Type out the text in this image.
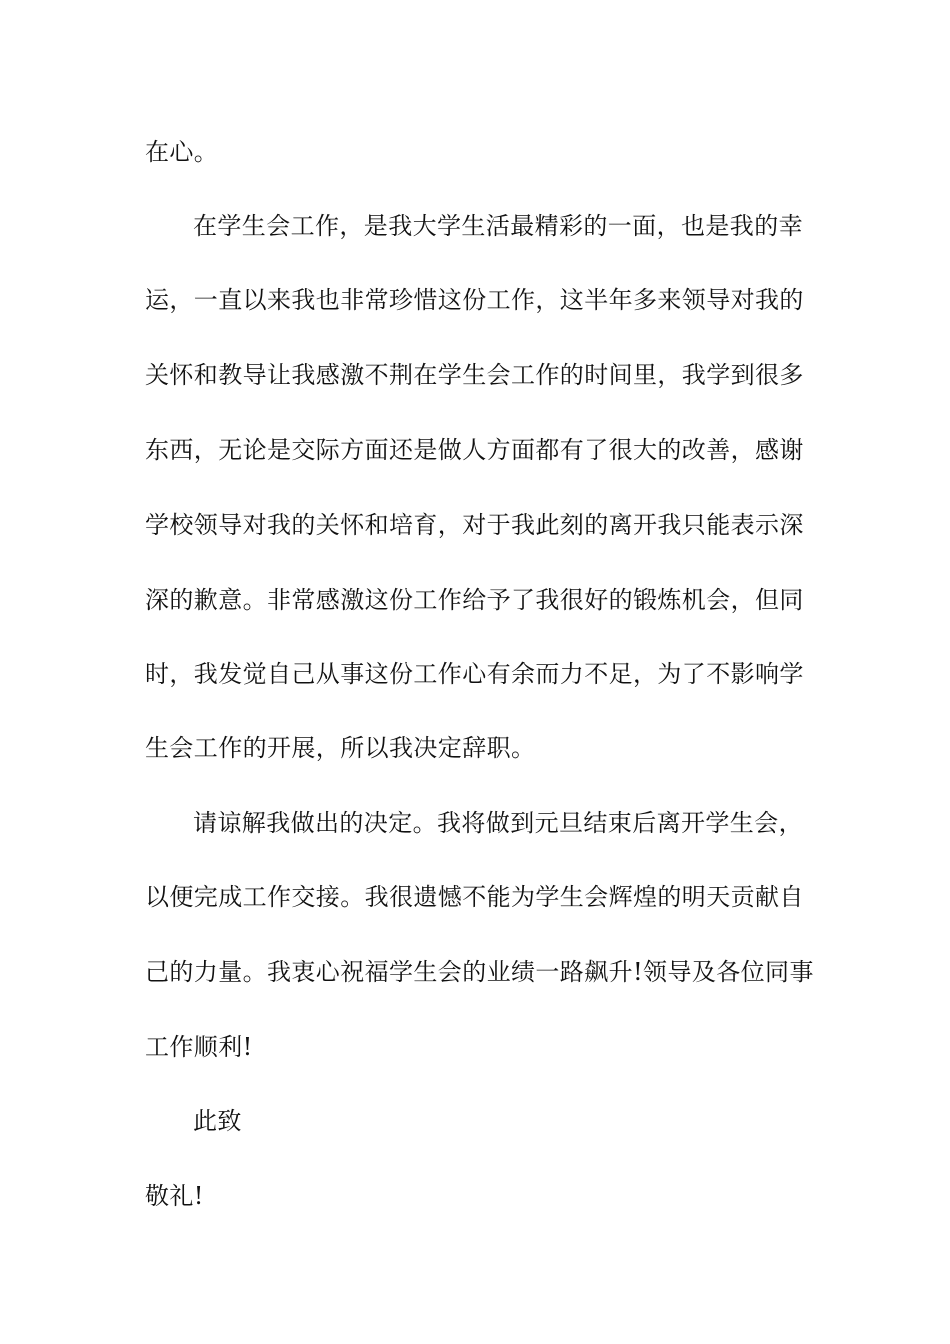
在心。

在学生会工作，是我大学生活最精彩的一面，也是我的幸

运，一直以来我也非常珍惜这份工作，这半年多来领导对我的

关怀和教导让我感激不荆在学生会工作的时间里，我学到很多

东西，无论是交际方面还是做人方面都有了很大的改善，感谢

学校领导对我的关怀和培育，对于我此刻的离开我只能表示深

深的歉意。非常感激这份工作给予了我很好的锻炼机会，但同

时，我发觉自己从事这份工作心有余而力不足，为了不影响学

生会工作的开展，所以我决定辞职。

请谅解我做出的决定。我将做到元旦结束后离开学生会，

以便完成工作交接。我很遗憾不能为学生会辉煌的明天贡献自

己的力量。我衷心祝福学生会的业绩一路飙升!领导及各位同事

工作顺利!

此致

敬礼!
